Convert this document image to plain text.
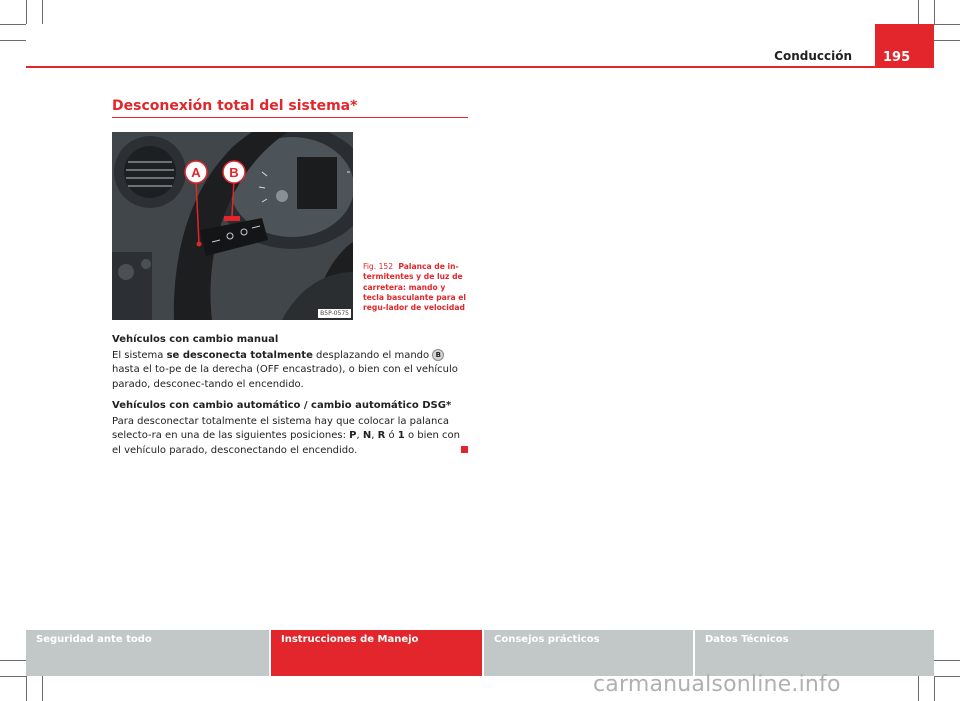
Conducción	195
Desconexión total del sistema*
A B
B5P-0575
Fig. 152 Palanca de in-termitentes y de luz de carretera: mando y tecla basculante para el regu-lador de velocidad
Vehículos con cambio manual
El sistema se desconecta totalmente desplazando el mando B hasta el to-pe de la derecha (OFF encastrado), o bien con el vehículo parado, desconec-tando el encendido.
Vehículos con cambio automático / cambio automático DSG*
Para desconectar totalmente el sistema hay que colocar la palanca selecto-ra en una de las siguientes posiciones: P, N, R ó 1 o bien con el vehículo parado, desconectando el encendido.
Seguridad ante todo	Instrucciones de Manejo	Consejos prácticos	Datos Técnicos
carmanualsonline.info
